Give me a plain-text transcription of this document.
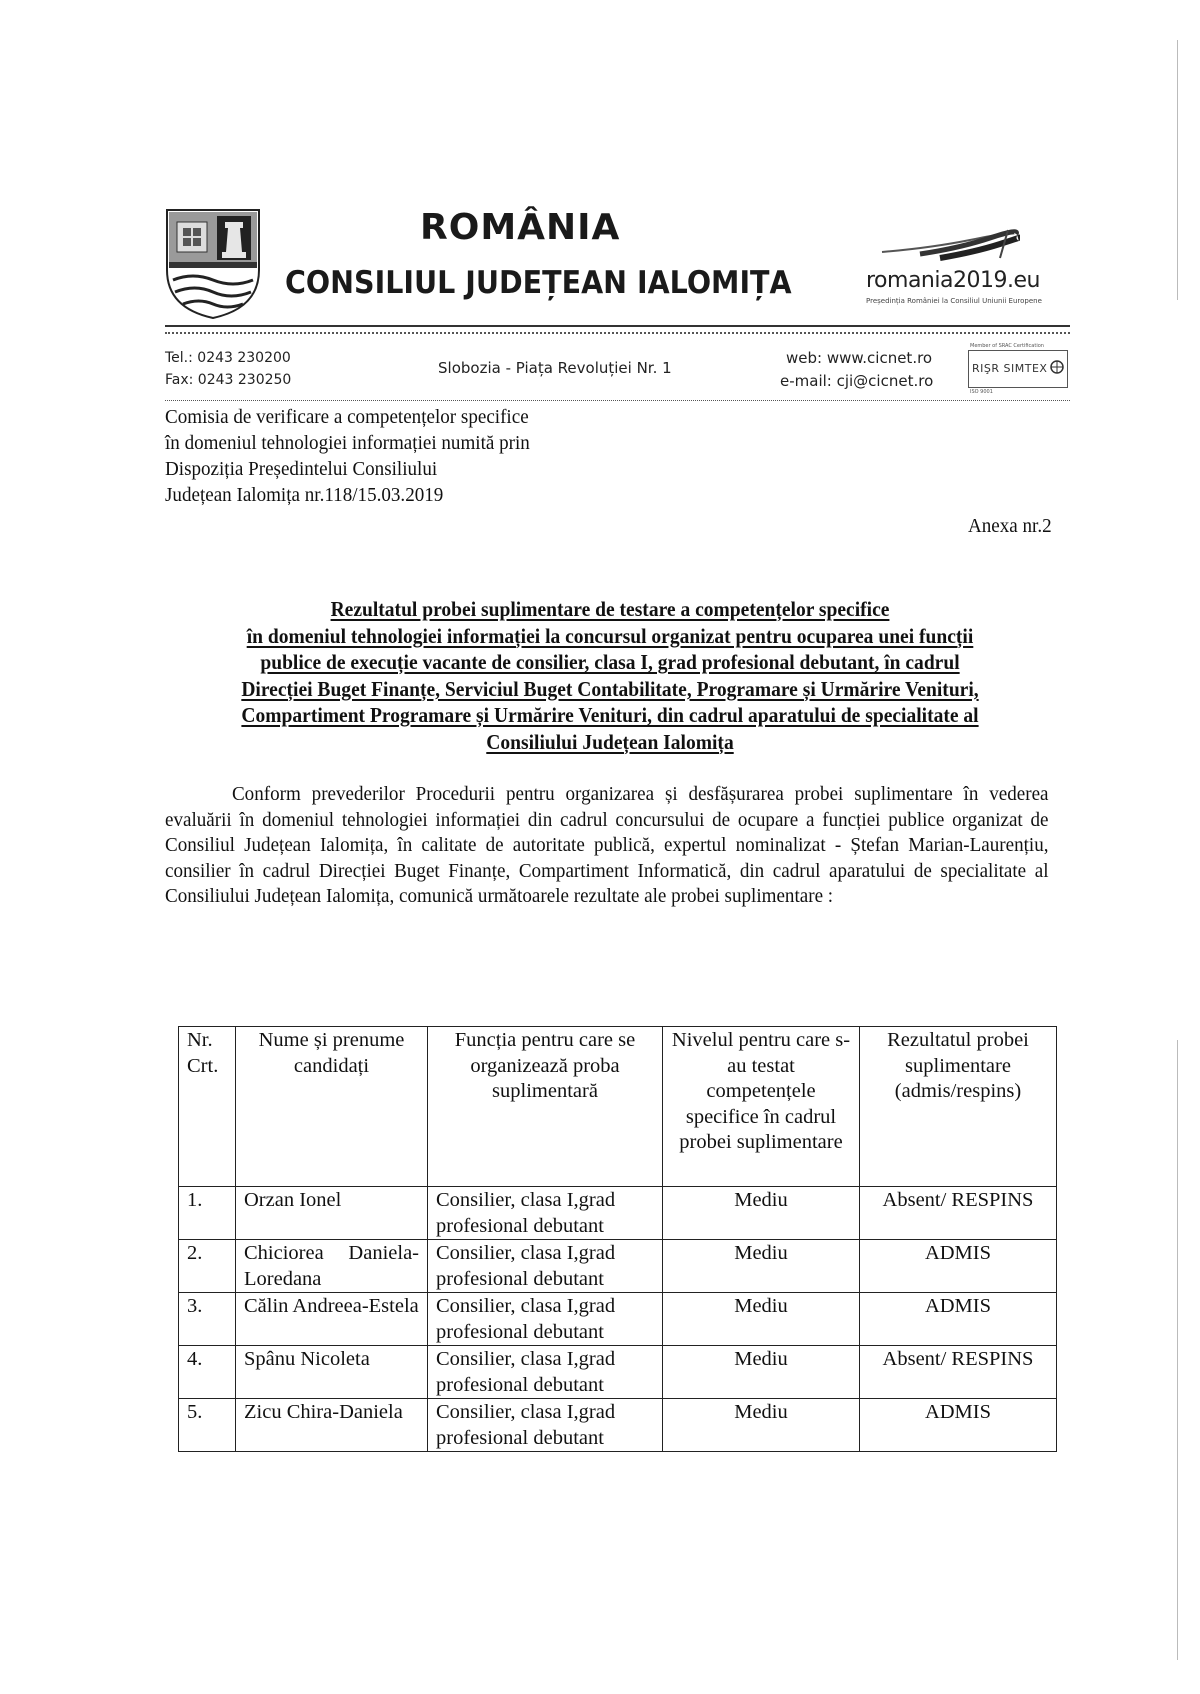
ROMÂNIA
CONSILIUL JUDEȚEAN IALOMIȚA	romania2019.eu
Președinția României la Consiliul Uniunii Europene
Tel.: 0243 230200
Fax: 0243 230250
Slobozia - Piața Revoluției Nr. 1
web: www.cicnet.ro
e-mail: cji@cicnet.ro
Member of SRAC Certification
RIŞR SIMTEX
ISO 9001
Comisia de verificare a competențelor specifice
în domeniul tehnologiei informației numită prin
Dispoziția Președintelui Consiliului
Județean Ialomița nr.118/15.03.2019
Anexa nr.2
Rezultatul probei suplimentare de testare a competențelor specifice
în domeniul tehnologiei informației la concursul organizat pentru ocuparea unei funcții
publice de execuție vacante de consilier, clasa I, grad profesional debutant, în cadrul
Direcției Buget Finanțe, Serviciul Buget Contabilitate, Programare și Urmărire Venituri,
Compartiment Programare și Urmărire Venituri, din cadrul aparatului de specialitate al
Consiliului Județean Ialomița
Conform prevederilor Procedurii pentru organizarea și desfășurarea probei suplimentare în vederea evaluării în domeniul tehnologiei informației din cadrul concursului de ocupare a funcției publice organizat de Consiliul Județean Ialomița, în calitate de autoritate publică, expertul nominalizat - Ștefan Marian-Laurențiu, consilier în cadrul Direcției Buget Finanțe, Compartiment Informatică, din cadrul aparatului de specialitate al Consiliului Județean Ialomița, comunică următoarele rezultate ale probei suplimentare :
Nr. Crt.	Nume și prenume candidați	Funcția pentru care se organizează proba suplimentară	Nivelul pentru care s-au testat competențele specifice în cadrul probei suplimentare	Rezultatul probei suplimentare (admis/respins)
1.	Orzan Ionel	Consilier, clasa I,grad profesional debutant	Mediu	Absent/ RESPINS
2.	Chiciorea Daniela-Loredana	Consilier, clasa I,grad profesional debutant	Mediu	ADMIS
3.	Călin Andreea-Estela	Consilier, clasa I,grad profesional debutant	Mediu	ADMIS
4.	Spânu Nicoleta	Consilier, clasa I,grad profesional debutant	Mediu	Absent/ RESPINS
5.	Zicu Chira-Daniela	Consilier, clasa I,grad profesional debutant	Mediu	ADMIS
